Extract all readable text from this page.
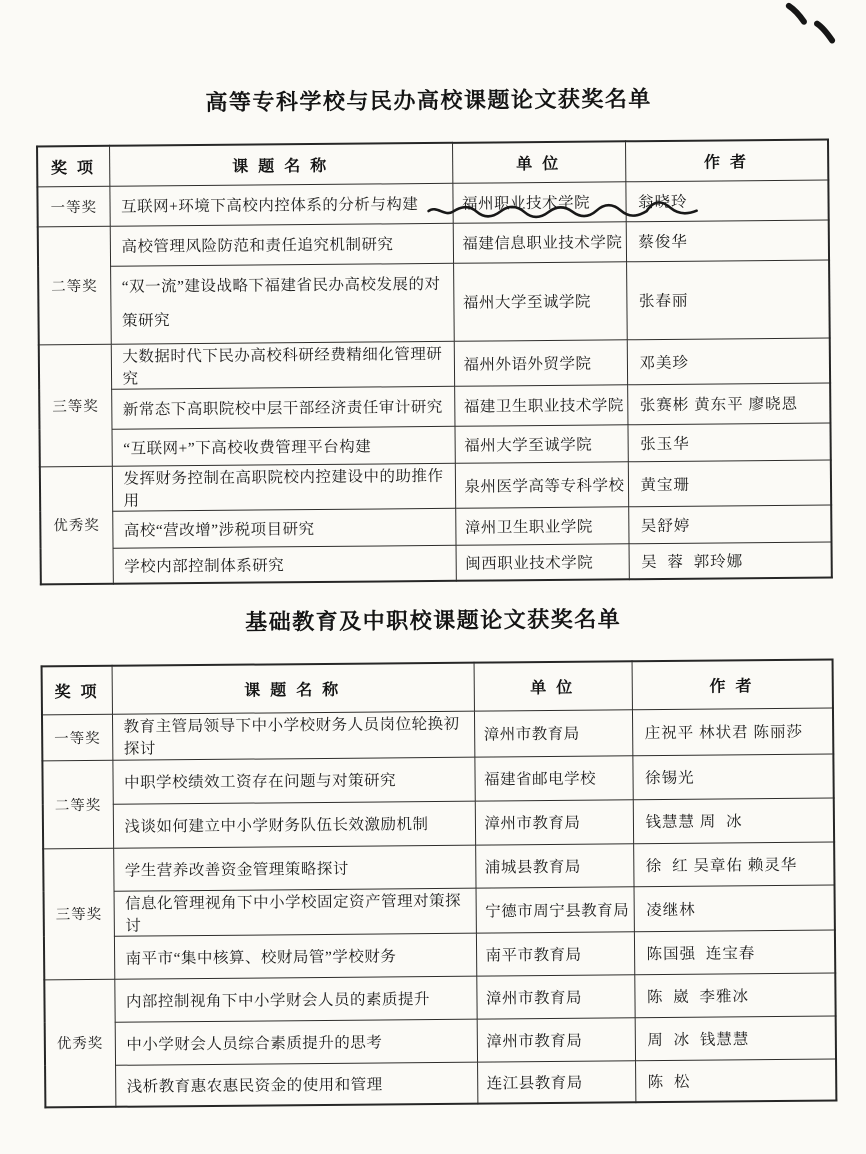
高等专科学校与民办高校课题论文获奖名单
奖 项	课 题 名 称	单 位	作 者
一等奖	互联网+环境下高校内控体系的分析与构建	福州职业技术学院	翁晓玲
二等奖	高校管理风险防范和责任追究机制研究	福建信息职业技术学院	蔡俊华
	“双一流”建设战略下福建省民办高校发展的对策研究	福州大学至诚学院	张春丽
三等奖	大数据时代下民办高校科研经费精细化管理研究	福州外语外贸学院	邓美珍
	新常态下高职院校中层干部经济责任审计研究	福建卫生职业技术学院	张赛彬 黄东平 廖晓恩
	“互联网+”下高校收费管理平台构建	福州大学至诚学院	张玉华
优秀奖	发挥财务控制在高职院校内控建设中的助推作用	泉州医学高等专科学校	黄宝珊
	高校“营改增”涉税项目研究	漳州卫生职业学院	吴舒婷
	学校内部控制体系研究	闽西职业技术学院	吴  蓉  郭玲娜
基础教育及中职校课题论文获奖名单
奖 项	课 题 名 称	单 位	作 者
一等奖	教育主管局领导下中小学校财务人员岗位轮换初探讨	漳州市教育局	庄祝平 林状君 陈丽莎
二等奖	中职学校绩效工资存在问题与对策研究	福建省邮电学校	徐锡光
	浅谈如何建立中小学财务队伍长效激励机制	漳州市教育局	钱慧慧 周  冰
三等奖	学生营养改善资金管理策略探讨	浦城县教育局	徐  红 吴章佑 赖灵华
	信息化管理视角下中小学校固定资产管理对策探讨	宁德市周宁县教育局	凌继林
	南平市“集中核算、校财局管”学校财务	南平市教育局	陈国强  连宝春
优秀奖	内部控制视角下中小学财会人员的素质提升	漳州市教育局	陈  崴  李雅冰
	中小学财会人员综合素质提升的思考	漳州市教育局	周  冰  钱慧慧
	浅析教育惠农惠民资金的使用和管理	连江县教育局	陈  松
